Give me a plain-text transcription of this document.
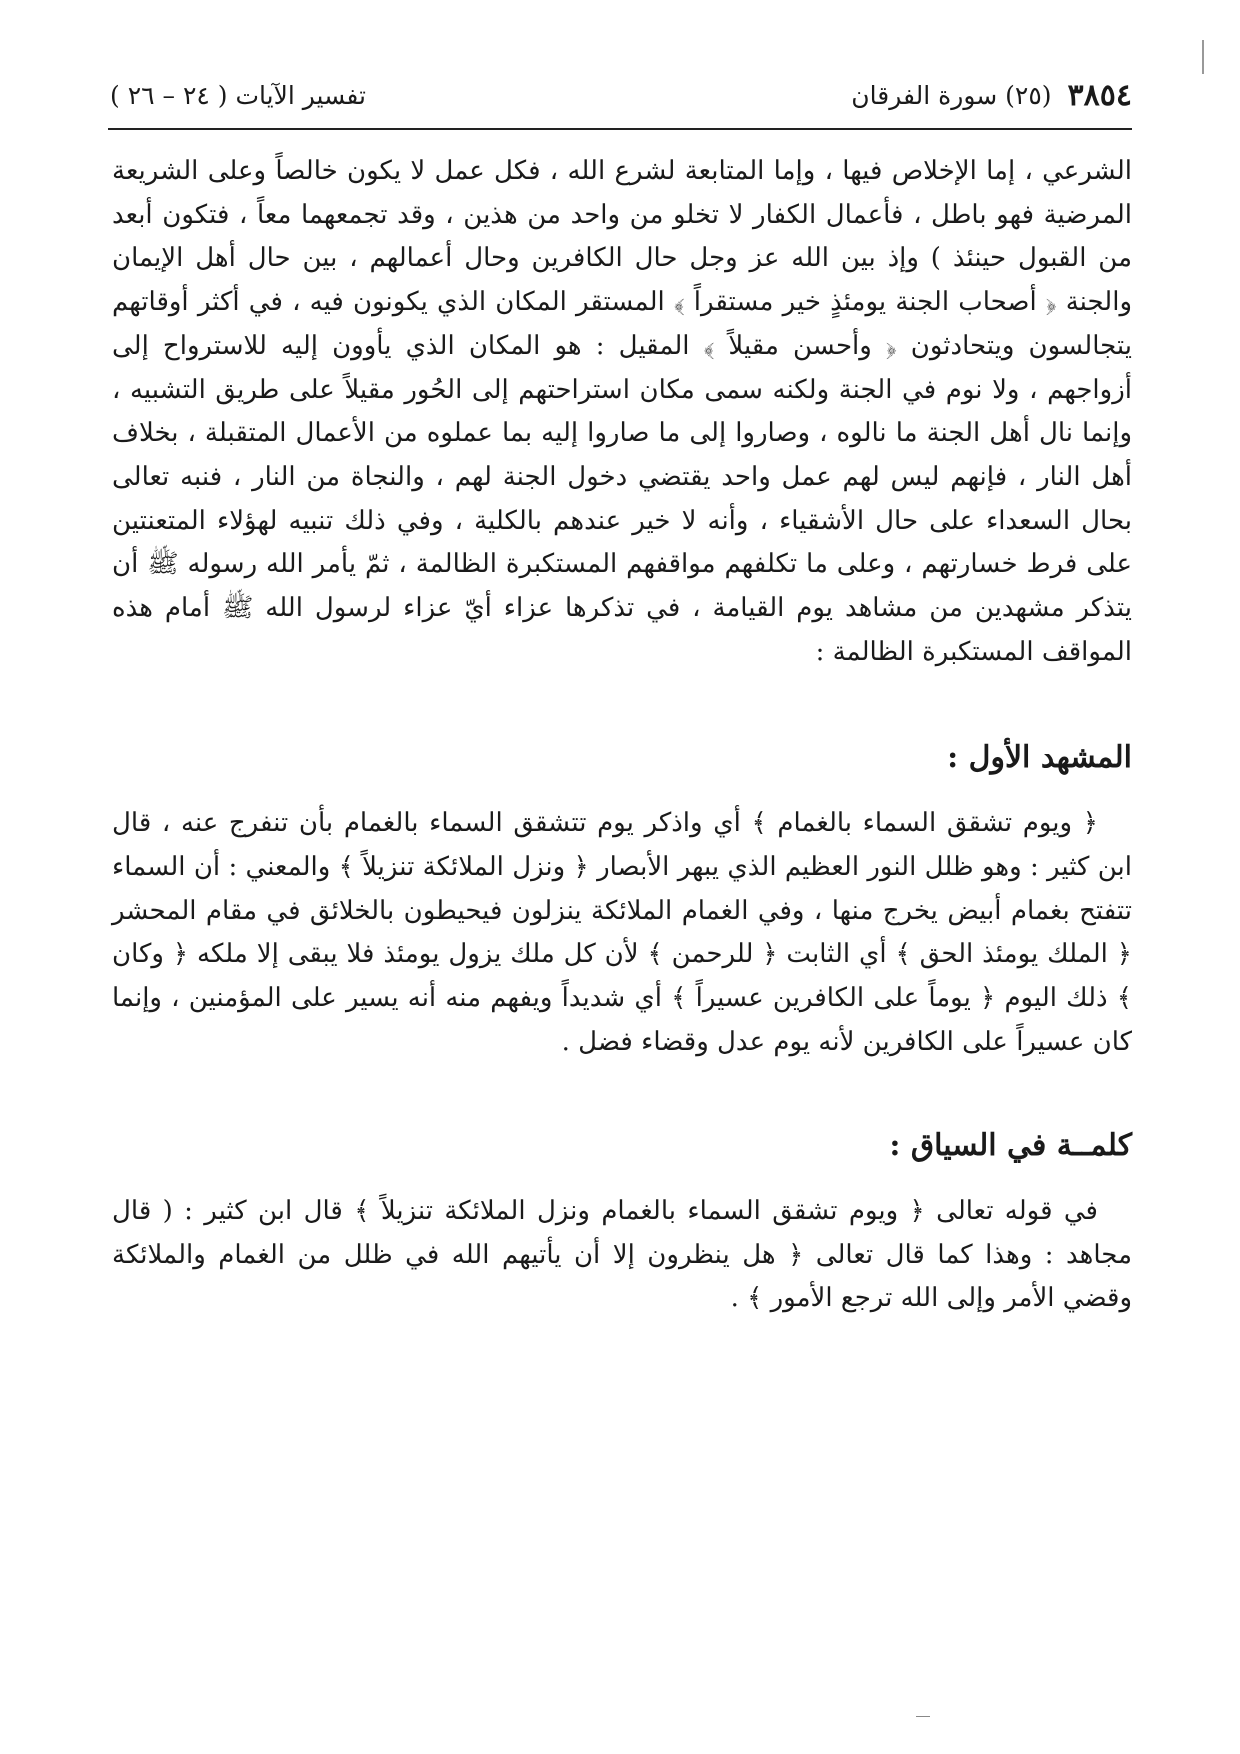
٣٨٥٤
(٢٥) سورة الفرقان
تفسير الآيات ( ٢٤ – ٢٦ )

الشرعي ، إما الإخلاص فيها ، وإما المتابعة لشرع الله ، فكل عمل لا يكون خالصاً وعلى الشريعة المرضية فهو باطل ، فأعمال الكفار لا تخلو من واحد من هذين ، وقد تجمعهما معاً ، فتكون أبعد من القبول حينئذ ) وإذ بين الله عز وجل حال الكافرين وحال أعمالهم ، بين حال أهل الإيمان والجنة ﴿ أصحاب الجنة يومئذٍ خير مستقراً ﴾ المستقر المكان الذي يكونون فيه ، في أكثر أوقاتهم يتجالسون ويتحادثون ﴿ وأحسن مقيلاً ﴾ المقيل : هو المكان الذي يأوون إليه للاسترواح إلى أزواجهم ، ولا نوم في الجنة ولكنه سمى مكان استراحتهم إلى الحُور مقيلاً على طريق التشبيه ، وإنما نال أهل الجنة ما نالوه ، وصاروا إلى ما صاروا إليه بما عملوه من الأعمال المتقبلة ، بخلاف أهل النار ، فإنهم ليس لهم عمل واحد يقتضي دخول الجنة لهم ، والنجاة من النار ، فنبه تعالى بحال السعداء على حال الأشقياء ، وأنه لا خير عندهم بالكلية ، وفي ذلك تنبيه لهؤلاء المتعنتين على فرط خسارتهم ، وعلى ما تكلفهم مواقفهم المستكبرة الظالمة ، ثمّ يأمر الله رسوله ﷺ أن يتذكر مشهدين من مشاهد يوم القيامة ، في تذكرها عزاء أيّ عزاء لرسول الله ﷺ أمام هذه المواقف المستكبرة الظالمة :

المشهد الأول :

﴿ ويوم تشقق السماء بالغمام ﴾ أي واذكر يوم تتشقق السماء بالغمام بأن تنفرج عنه ، قال ابن كثير : وهو ظلل النور العظيم الذي يبهر الأبصار ﴿ ونزل الملائكة تنزيلاً ﴾ والمعني : أن السماء تتفتح بغمام أبيض يخرج منها ، وفي الغمام الملائكة ينزلون فيحيطون بالخلائق في مقام المحشر ﴿ الملك يومئذ الحق ﴾ أي الثابت ﴿ للرحمن ﴾ لأن كل ملك يزول يومئذ فلا يبقى إلا ملكه ﴿ وكان ﴾ ذلك اليوم ﴿ يوماً على الكافرين عسيراً ﴾ أي شديداً ويفهم منه أنه يسير على المؤمنين ، وإنما كان عسيراً على الكافرين لأنه يوم عدل وقضاء فضل .

كلمــة في السياق :

في قوله تعالى ﴿ ويوم تشقق السماء بالغمام ونزل الملائكة تنزيلاً ﴾ قال ابن كثير : ( قال مجاهد : وهذا كما قال تعالى ﴿ هل ينظرون إلا أن يأتيهم الله في ظلل من الغمام والملائكة وقضي الأمر وإلى الله ترجع الأمور ﴾ .
